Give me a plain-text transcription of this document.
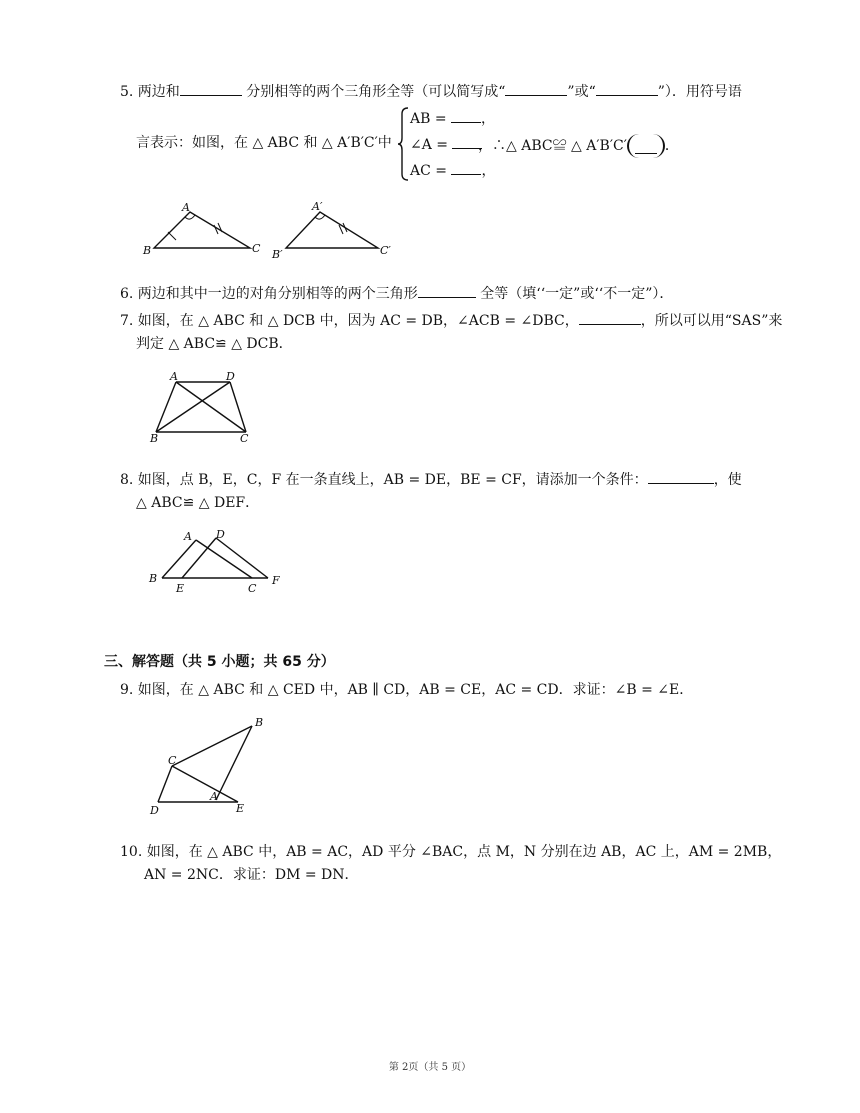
5. 两边和	分别相等的两个三角形全等（可以简写成“	”或“	”）．用符号语
言表示：如图，在 △ ABC 和 △ A′B′C′中
AB = ，
∠A =
AC = ，
，∴△ ABC≌ △ A′B′C′	．
A
B	C
A′
B′	C′
6. 两边和其中一边的对角分别相等的两个三角形	全等（填‘‘一定”或‘‘不一定”）．
7. 如图，在 △ ABC 和 △ DCB 中，因为 AC = DB，∠ACB = ∠DBC，	，所以可以用“SAS”来
判定 △ ABC≌ △ DCB．
A	D
B	C
8. 如图，点 B，E，C，F 在一条直线上，AB = DE，BE = CF，请添加一个条件：	，使
△ ABC≌ △ DEF．
A D
B
E	C
F
三、解答题（共 5 小题；共 65 分）
9. 如图，在 △ ABC 和 △ CED 中，AB ∥ CD，AB = CE，AC = CD．求证：∠B = ∠E．
B
C
A
D	E
10. 如图，在 △ ABC 中，AB = AC，AD 平分 ∠BAC，点 M，N 分别在边 AB，AC 上，AM = 2MB，
AN = 2NC．求证：DM = DN．
第 2页（共 5 页）
